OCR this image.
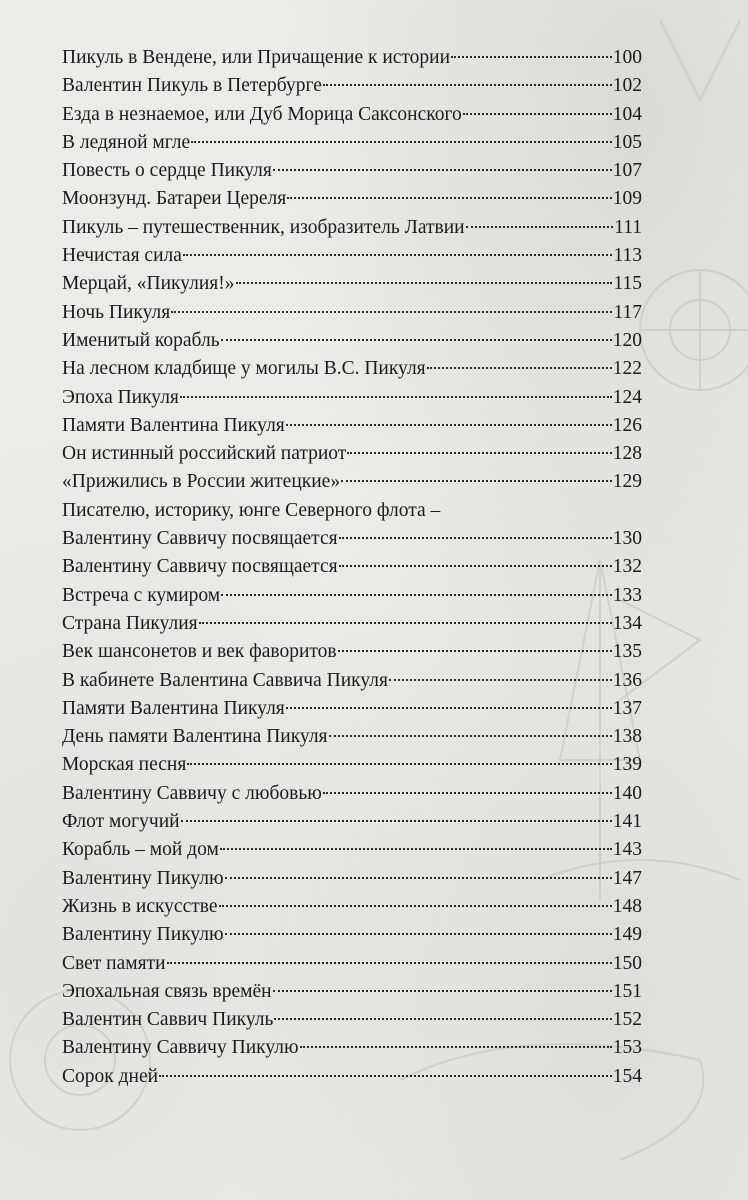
Пикуль в Вендене, или Причащение к истории	100
Валентин Пикуль в Петербурге	102
Езда в незнаемое, или Дуб Морица Саксонского	104
В ледяной мгле	105
Повесть о сердце Пикуля	107
Моонзунд. Батареи Цереля	109
Пикуль – путешественник, изобразитель Латвии	111
Нечистая сила	113
Мерцай, «Пикулия!»	115
Ночь Пикуля	117
Именитый корабль	120
На лесном кладбище у могилы В.С. Пикуля	122
Эпоха Пикуля	124
Памяти Валентина Пикуля	126
Он истинный российский патриот	128
«Прижились в России житецкие»	129
Писателю, историку, юнге Северного флота –
Валентину Саввичу посвящается	130
Валентину Саввичу посвящается	132
Встреча с кумиром	133
Страна Пикулия	134
Век шансонетов и век фаворитов	135
В кабинете Валентина Саввича Пикуля	136
Памяти Валентина Пикуля	137
День памяти Валентина Пикуля	138
Морская песня	139
Валентину Саввичу с любовью	140
Флот могучий	141
Корабль – мой дом	143
Валентину Пикулю	147
Жизнь в искусстве	148
Валентину Пикулю	149
Свет памяти	150
Эпохальная связь времён	151
Валентин Саввич Пикуль	152
Валентину Саввичу Пикулю	153
Сорок дней	154
